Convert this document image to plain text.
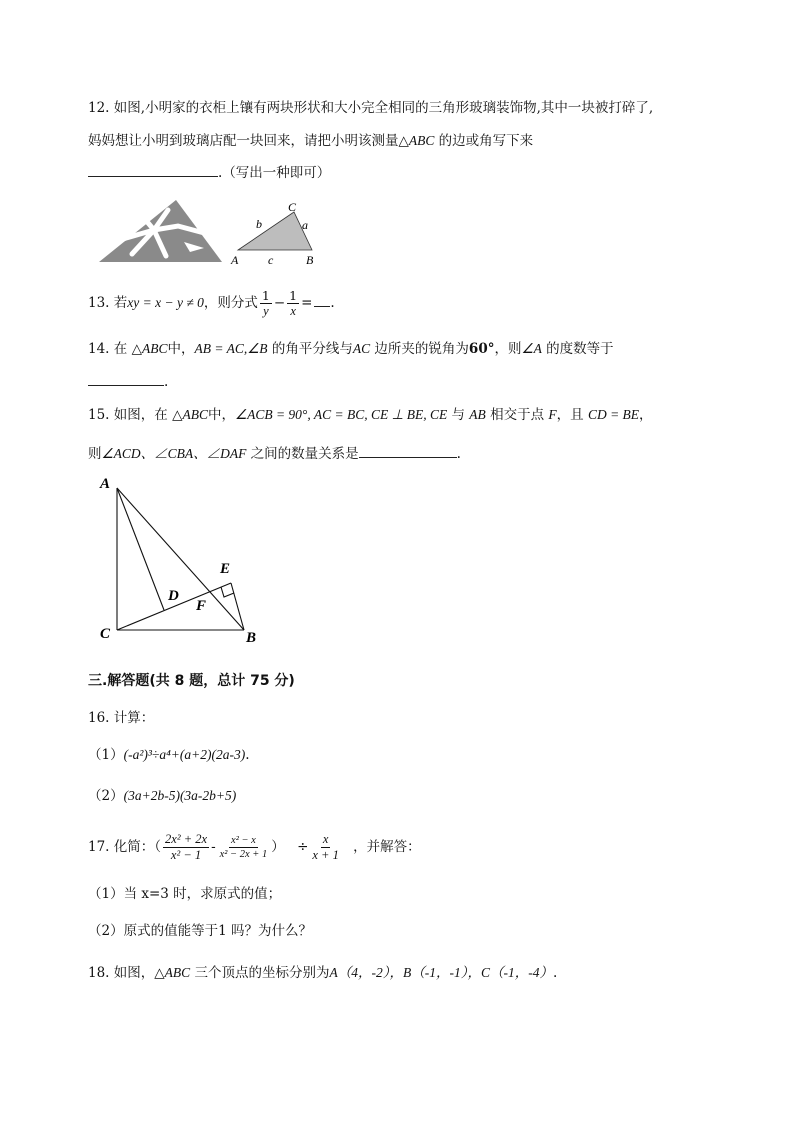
12. 如图,小明家的衣柜上镶有两块形状和大小完全相同的三角形玻璃装饰物,其中一块被打碎了,
妈妈想让小明到玻璃店配一块回来，请把小明该测量△ABC 的边或角写下来
.（写出一种即可）
C
b	a
A c	B
13. 若xy = x − y ≠ 0，则分式 $\frac{1}{y} - \frac{1}{x}$ = .
14. 在 △ABC中，AB = AC,∠B 的角平分线与AC 边所夹的锐角为60°，则∠A 的度数等于
.
15. 如图，在 △ABC中，∠ACB = 90°, AC = BC, CE ⊥ BE, CE 与 AB 相交于点 F，且 CD = BE，
则∠ACD、∠CBA、∠DAF 之间的数量关系是	.
A
C	B
D
E
F
三.解答题(共 8 题，总计 75 分)
16. 计算：
（1）(-a²)³÷a⁴+(a+2)(2a-3).
（2）(3a+2b-5)(3a-2b+5)
17. 化简：（ $\frac{\text{2x² + 2x}}{\text{x² − 1}} - \frac{\text{x² − x}}{\text{x² − 2x + 1}}$ ） ÷ $\frac{x}{x + 1}$ ，并解答：
（1）当 x=3 时，求原式的值；
（2）原式的值能等于1 吗？为什么？
18. 如图，△ABC 三个顶点的坐标分别为A（4，-2），B（-1，-1），C（-1，-4）.
